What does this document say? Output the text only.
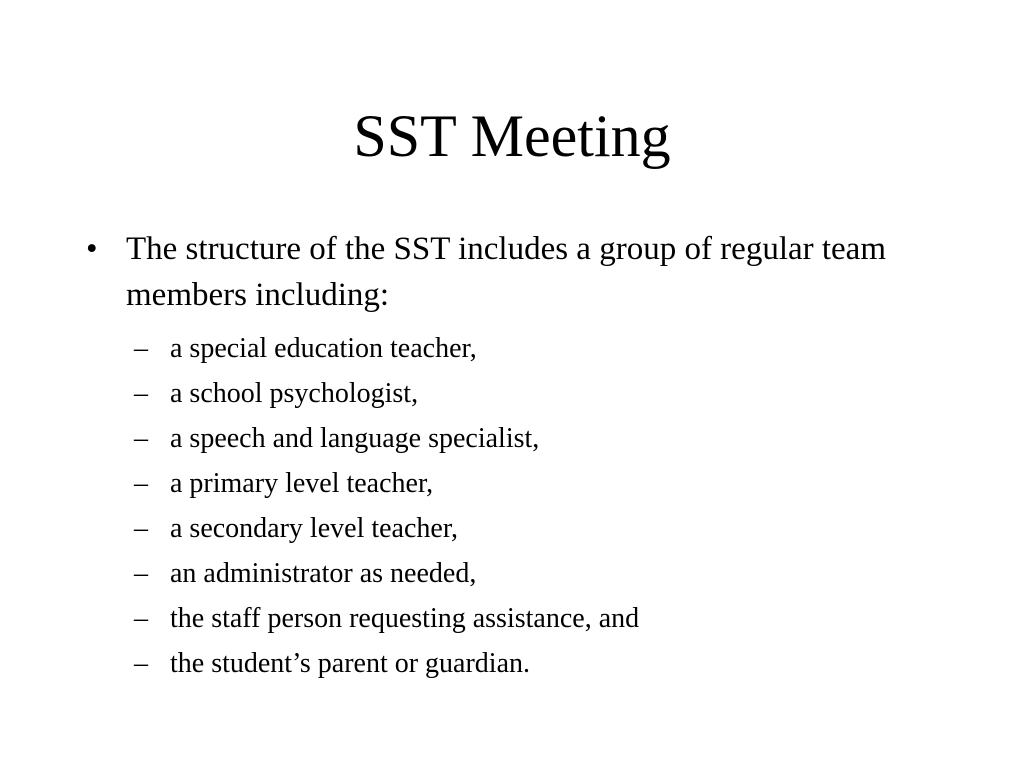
SST Meeting
• The structure of the SST includes a group of regular team members including:
– a special education teacher,
– a school psychologist,
– a speech and language specialist,
– a primary level teacher,
– a secondary level teacher,
– an administrator as needed,
– the staff person requesting assistance, and
– the student’s parent or guardian.
